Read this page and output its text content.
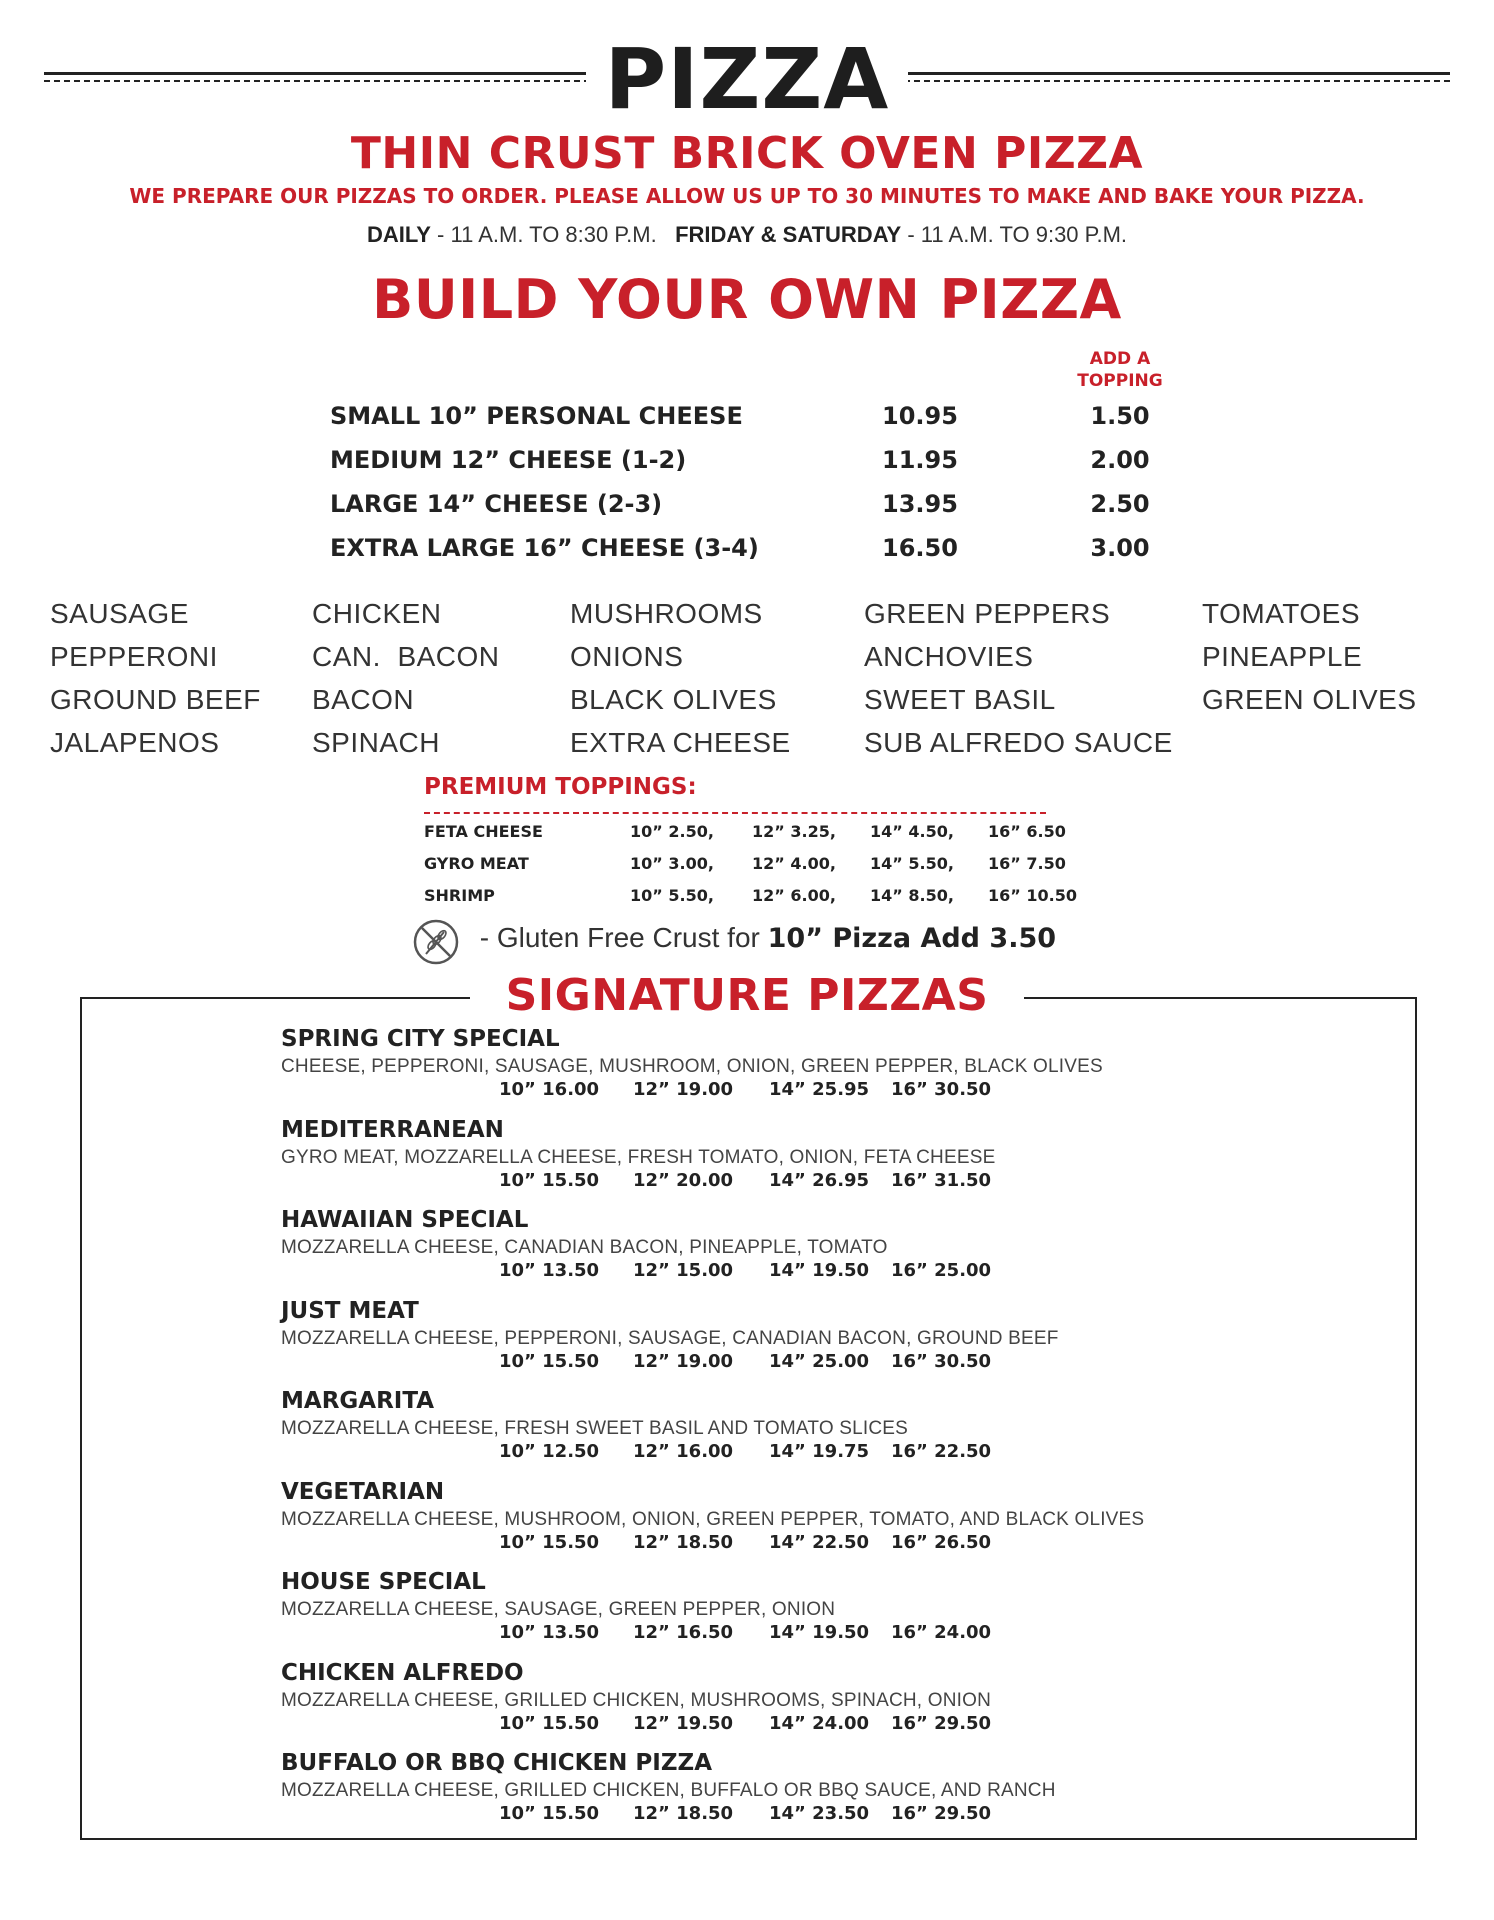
PIZZA
THIN CRUST BRICK OVEN PIZZA
WE PREPARE OUR PIZZAS TO ORDER. PLEASE ALLOW US UP TO 30 MINUTES TO MAKE AND BAKE YOUR PIZZA.
DAILY - 11 A.M. TO 8:30 P.M. FRIDAY & SATURDAY - 11 A.M. TO 9:30 P.M.
BUILD YOUR OWN PIZZA
ADD A
TOPPING
SMALL 10” PERSONAL CHEESE	10.95	1.50
MEDIUM 12” CHEESE (1-2)	11.95	2.00
LARGE 14” CHEESE (2-3)	13.95	2.50
EXTRA LARGE 16” CHEESE (3-4)	16.50	3.00
SAUSAGE
PEPPERONI
GROUND BEEF
JALAPENOS
CHICKEN
CAN.  BACON
BACON
SPINACH
MUSHROOMS
ONIONS
BLACK OLIVES
EXTRA CHEESE
GREEN PEPPERS
ANCHOVIES
SWEET BASIL
SUB ALFREDO SAUCE
TOMATOES
PINEAPPLE
GREEN OLIVES
PREMIUM TOPPINGS:
FETA CHEESE	10” 2.50, 12” 3.25, 14” 4.50, 16” 6.50
GYRO MEAT	10” 3.00, 12” 4.00, 14” 5.50, 16” 7.50
SHRIMP	10” 5.50, 12” 6.00, 14” 8.50, 16” 10.50
- Gluten Free Crust for 10” Pizza Add 3.50
SIGNATURE PIZZAS
SPRING CITY SPECIAL
CHEESE, PEPPERONI, SAUSAGE, MUSHROOM, ONION, GREEN PEPPER, BLACK OLIVES
10” 16.00 12” 19.00 14” 25.95 16” 30.50
MEDITERRANEAN
GYRO MEAT, MOZZARELLA CHEESE, FRESH TOMATO, ONION, FETA CHEESE
10” 15.50 12” 20.00 14” 26.95 16” 31.50
HAWAIIAN SPECIAL
MOZZARELLA CHEESE, CANADIAN BACON, PINEAPPLE, TOMATO
10” 13.50 12” 15.00 14” 19.50 16” 25.00
JUST MEAT
MOZZARELLA CHEESE, PEPPERONI, SAUSAGE, CANADIAN BACON, GROUND BEEF
10” 15.50 12” 19.00 14” 25.00 16” 30.50
MARGARITA
MOZZARELLA CHEESE, FRESH SWEET BASIL AND TOMATO SLICES
10” 12.50 12” 16.00 14” 19.75 16” 22.50
VEGETARIAN
MOZZARELLA CHEESE, MUSHROOM, ONION, GREEN PEPPER, TOMATO, AND BLACK OLIVES
10” 15.50 12” 18.50 14” 22.50 16” 26.50
HOUSE SPECIAL
MOZZARELLA CHEESE, SAUSAGE, GREEN PEPPER, ONION
10” 13.50 12” 16.50 14” 19.50 16” 24.00
CHICKEN ALFREDO
MOZZARELLA CHEESE, GRILLED CHICKEN, MUSHROOMS, SPINACH, ONION
10” 15.50 12” 19.50 14” 24.00 16” 29.50
BUFFALO OR BBQ CHICKEN PIZZA
MOZZARELLA CHEESE, GRILLED CHICKEN, BUFFALO OR BBQ SAUCE, AND RANCH
10” 15.50 12” 18.50 14” 23.50 16” 29.50
